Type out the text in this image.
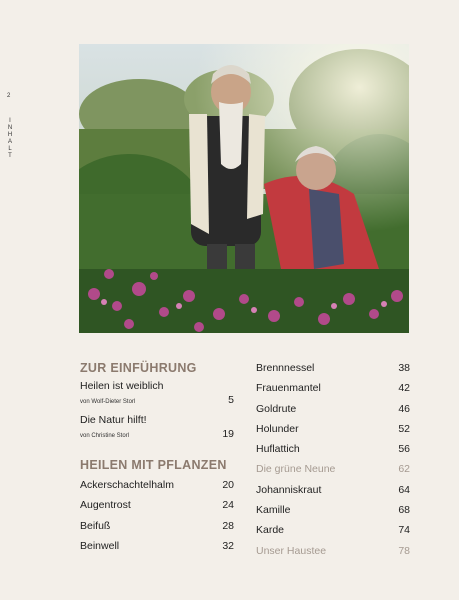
2
I
N
H
A
L
T
ZUR EINFÜHRUNG
Heilen ist weiblich
von Wolf-Dieter Storl	5
Die Natur hilft!
von Christine Storl	19
HEILEN MIT PFLANZEN
Ackerschachtelhalm	20
Augentrost	24
Beifuß	28
Beinwell	32
Brennnessel	38
Frauenmantel	42
Goldrute	46
Holunder	52
Huflattich	56
Die grüne Neune	62
Johanniskraut	64
Kamille	68
Karde	74
Unser Haustee	78
